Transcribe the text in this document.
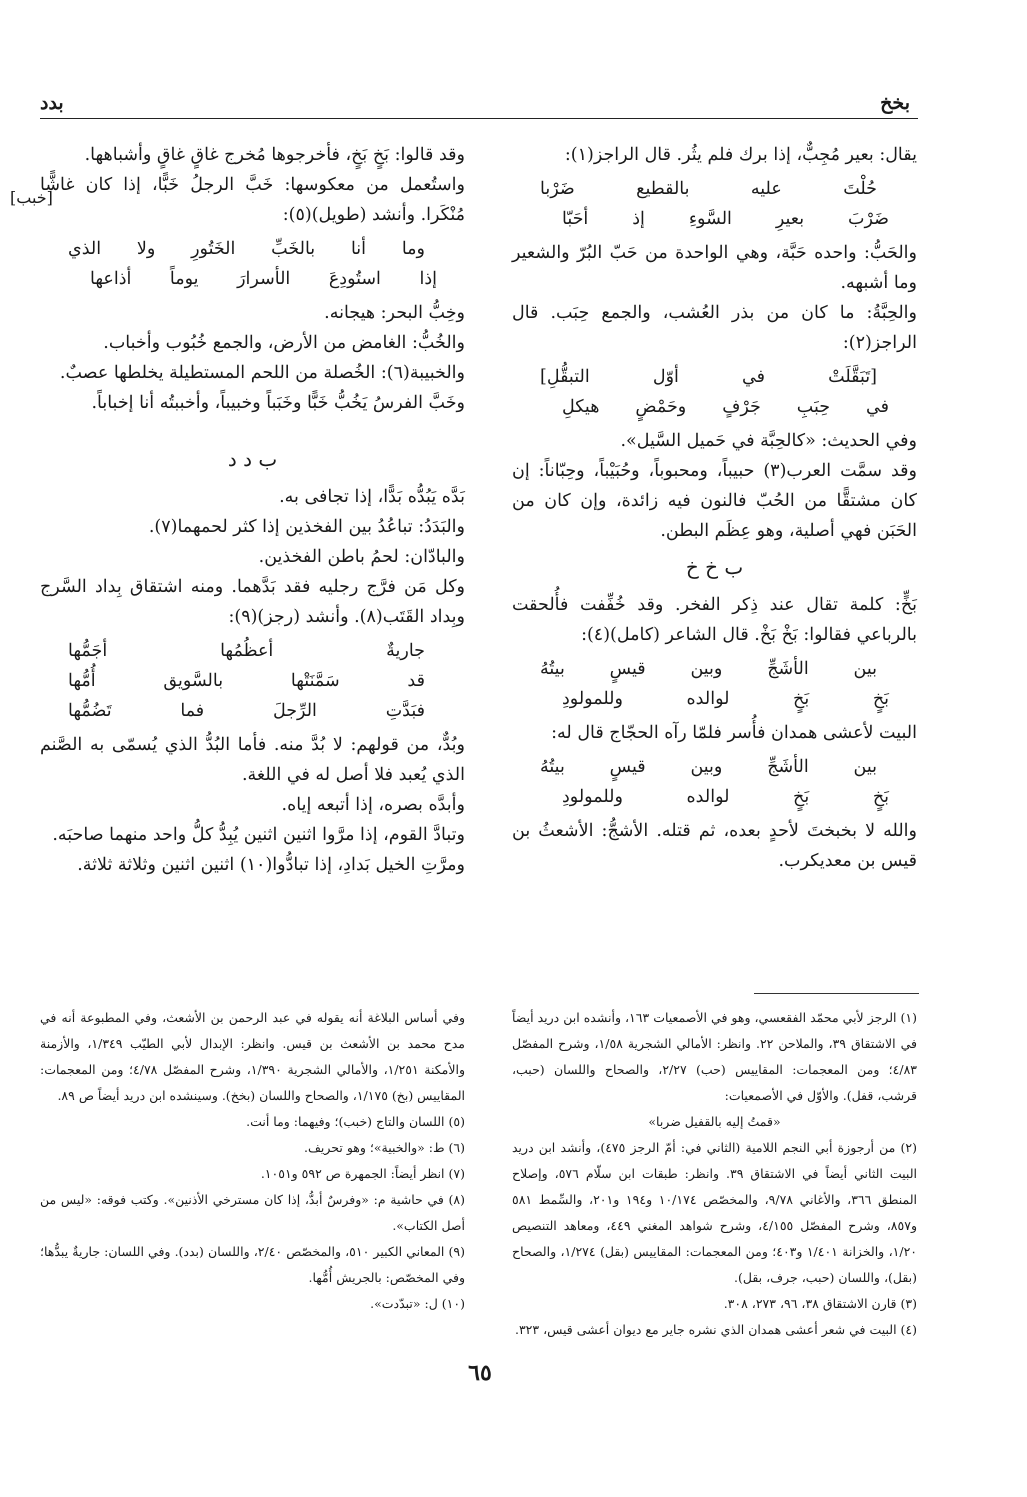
بخخ
بدد
[خبب]

يقال: بعير مُجِبٌّ، إذا برك فلم يثُر. قال الراجز(١):

حُلْتَ عليه بالقطيع ضَرْبا
ضَرْبَ بعيرِ السَّوءِ إذ أحَبّا

والحَبُّ: واحده حَبَّة، وهي الواحدة من حَبّ البُرّ والشعير وما أشبهه.

والحِبَّةُ: ما كان من بذر العُشب، والجمع حِبَب. قال الراجز(٢):

[تَبَقَّلَتْ في أوّل التبقُّلِ]
في حِبَبِ جَرْفٍ وحَمْضٍ هيكلِ

وفي الحديث: «كالحِبَّة في حَميل السَّيل».

وقد سمَّت العرب(٣) حبيباً، ومحبوباً، وحُبَيْباً، وحِبّاناً: إن كان مشتقًّا من الحُبّ فالنون فيه زائدة، وإن كان من الحَبَن فهي أصلية، وهو عِظَم البطن.

ب خ خ

بَخٍّ: كلمة تقال عند ذِكر الفخر. وقد خُفِّفت فأُلحقت بالرباعي فقالوا: بَخْ بَخْ. قال الشاعر (كامل)(٤):

بين الأشَجِّ وبين قيسٍ بيتُهُ
بَخٍ بَخٍ لوالده وللمولودِ

البيت لأعشى همدان فأُسر فلمّا رآه الحجّاج قال له:

بين الأشَجِّ وبين قيسٍ بيتُهُ
بَخٍ بَخٍ لوالده وللمولودِ

والله لا بخبختَ لأحدٍ بعده، ثم قتله. الأشجُّ: الأشعثُ بن قيس بن معديكرب.

وقد قالوا: بَخٍ بَخٍ، فأخرجوها مُخرج غاقٍ غاقٍ وأشباهها.

واستُعمل من معكوسها: خَبَّ الرجلُ خَبًّا، إذا كان غاشًّا مُنْكَرا. وأنشد (طويل)(٥):

وما أنا بالخَبِّ الخَتُورِ ولا الذي
إذا استُودِعَ الأسرارَ يوماً أذاعها

وخِبُّ البحر: هيجانه.

والخُبُّ: الغامض من الأرض، والجمع خُبُوب وأخباب.

والخبيبة(٦): الخُصلة من اللحم المستطيلة يخلطها عصبٌ.

وخَبَّ الفرسُ يَخُبُّ خَبًّا وخَبَباً وخبيباً، وأخببتُه أنا إخباباً.

ب د د

بَدَّه يَبُدُّه بَدًّا، إذا تجافى به.

والبَدَدُ: تباعُدُ بين الفخذين إذا كثر لحمهما(٧).

والبادّان: لحمُ باطن الفخذين.

وكل مَن فرَّج رجليه فقد بَدَّهما. ومنه اشتقاق بِداد السَّرج وبِداد القَتَب(٨). وأنشد (رجز)(٩):

جاريةٌ أعظُمُها أجَمُّها
قد سَمَّنَتْها بالسَّويق أُمُّها
فبَدَّتِ الرِّجلَ فما تَضُمُّها

وبُدٌّ، من قولهم: لا بُدَّ منه. فأما البُدُّ الذي يُسمّى به الصَّنم الذي يُعبد فلا أصل له في اللغة.

وأبدَّه بصره، إذا أتبعه إياه.

وتبادَّ القوم، إذا مرَّوا اثنين اثنين يُبِدُّ كلُّ واحد منهما صاحبَه.

ومرَّتِ الخيل بَدادِ، إذا تبادُّوا(١٠) اثنين اثنين وثلاثة ثلاثة.

(١) الرجز لأبي محمّد الفقعسي، وهو في الأصمعيات ١٦٣، وأنشده ابن دريد أيضاً في الاشتقاق ٣٩، والملاحن ٢٢. وانظر: الأمالي الشجرية ١/٥٨، وشرح المفصّل ٤/٨٣؛ ومن المعجمات: المقاييس (حب) ٢/٢٧، والصحاح واللسان (حبب، قرشب، قفل). والأوّل في الأصمعيات:

«قمتُ إليه بالقفيل ضربا»

(٢) من أرجوزة أبي النجم اللامية (الثاني في: أمّ الرجز ٤٧٥)، وأنشد ابن دريد البيت الثاني أيضاً في الاشتقاق ٣٩. وانظر: طبقات ابن سلّام ٥٧٦، وإصلاح المنطق ٣٦٦، والأغاني ٩/٧٨، والمخصّص ١٠/١٧٤ و١٩٤ و٢٠١، والسِّمط ٥٨١ و٨٥٧، وشرح المفصّل ٤/١٥٥، وشرح شواهد المغني ٤٤٩، ومعاهد التنصيص ١/٢٠، والخزانة ١/٤٠١ و٤٠٣؛ ومن المعجمات: المقاييس (بقل) ١/٢٧٤، والصحاح (بقل)، واللسان (حبب، جرف، بقل).

(٣) قارن الاشتقاق ٣٨، ٩٦، ٢٧٣، ٣٠٨.

(٤) البيت في شعر أعشى همدان الذي نشره جاير مع ديوان أعشى قيس، ٣٢٣.

وفي أساس البلاغة أنه يقوله في عبد الرحمن بن الأشعث، وفي المطبوعة أنه في مدح محمد بن الأشعث بن قيس. وانظر: الإبدال لأبي الطيّب ١/٣٤٩، والأزمنة والأمكنة ١/٢٥١، والأمالي الشجرية ١/٣٩٠، وشرح المفصّل ٤/٧٨؛ ومن المعجمات: المقاييس (بخ) ١/١٧٥، والصحاح واللسان (بخخ). وسينشده ابن دريد أيضاً ص ٨٩.

(٥) اللسان والتاج (خبب)؛ وفيهما: وما أنت.

(٦) ط: «والخبية»؛ وهو تحريف.

(٧) انظر أيضاً: الجمهرة ص ٥٩٢ و١٠٥١.

(٨) في حاشية م: «وفرسٌ أبدُّ، إذا كان مسترخي الأذنين». وكتب فوقه: «ليس من أصل الكتاب».

(٩) المعاني الكبير ٥١٠، والمخصّص ٢/٤٠، واللسان (بدد). وفي اللسان: جاريةٌ يبدُّها؛ وفي المخصّص: بالجريش أُمُّها.

(١٠) ل: «تبدّدت».

٦٥
